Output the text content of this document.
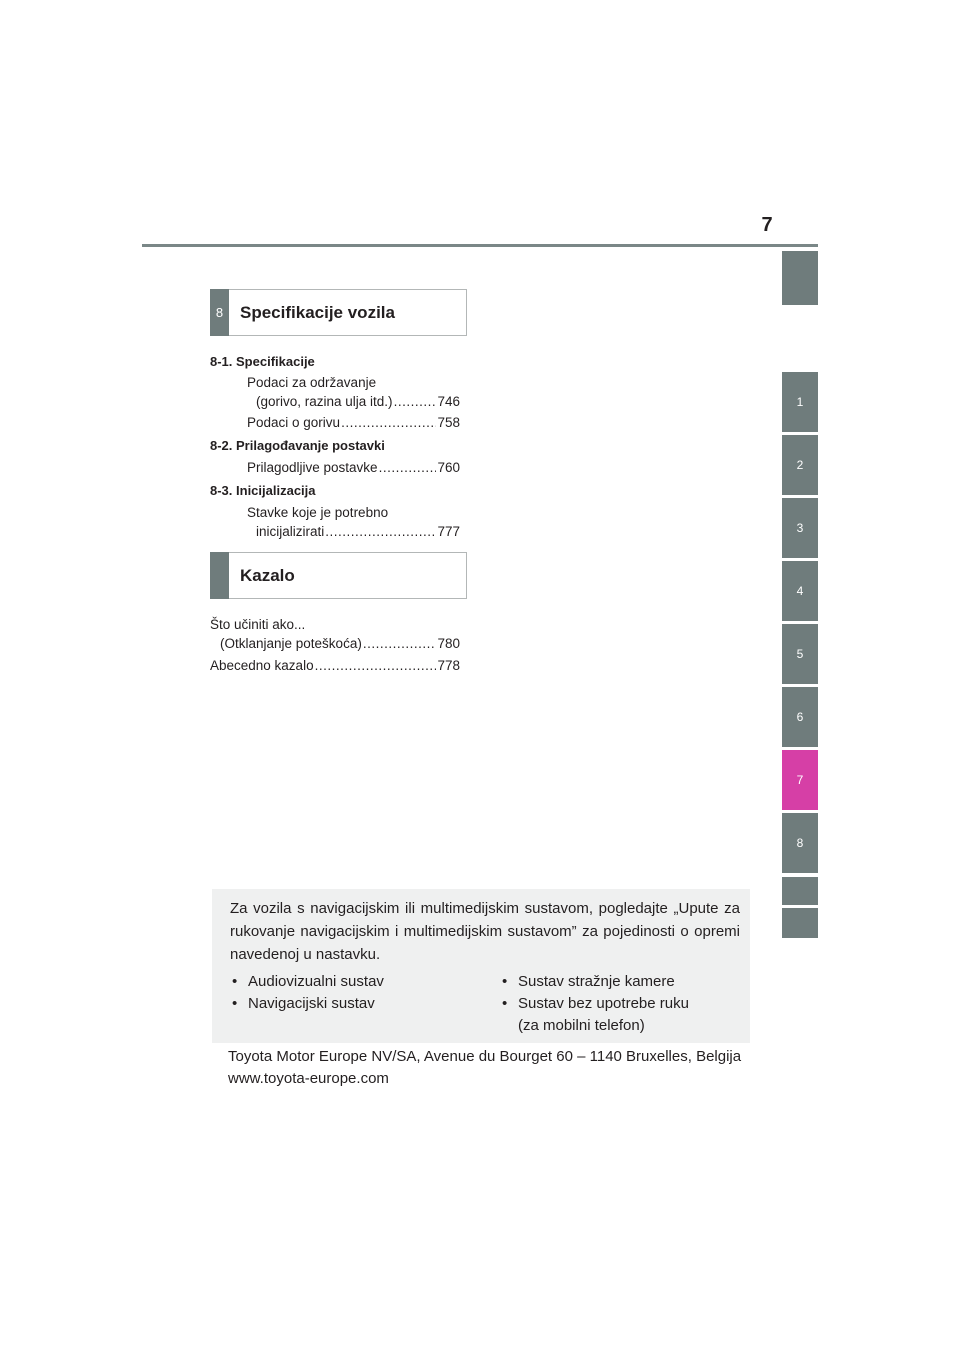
7
1
2
3
4
5
6
7
8
8 Specifikacije vozila
8-1. Specifikacije
Podaci za održavanje
(gorivo, razina ulja itd.) .....	746
Podaci o gorivu .....	758
8-2. Prilagođavanje postavki
Prilagodljive postavke .....	760
8-3. Inicijalizacija
Stavke koje je potrebno
inicijalizirati .....	777
Kazalo
Što učiniti ako...
(Otklanjanje poteškoća) .....	780
Abecedno kazalo .....	778
Za vozila s navigacijskim ili multimedijskim sustavom, pogledajte „Upute za rukovanje navigacijskim i multimedijskim sustavom” za pojedinosti o opremi navedenoj u nastavku.
• Audiovizualni sustav
• Navigacijski sustav
• Sustav stražnje kamere
• Sustav bez upotrebe ruku
(za mobilni telefon)
Toyota Motor Europe NV/SA, Avenue du Bourget 60 – 1140 Bruxelles, Belgija www.toyota-europe.com
